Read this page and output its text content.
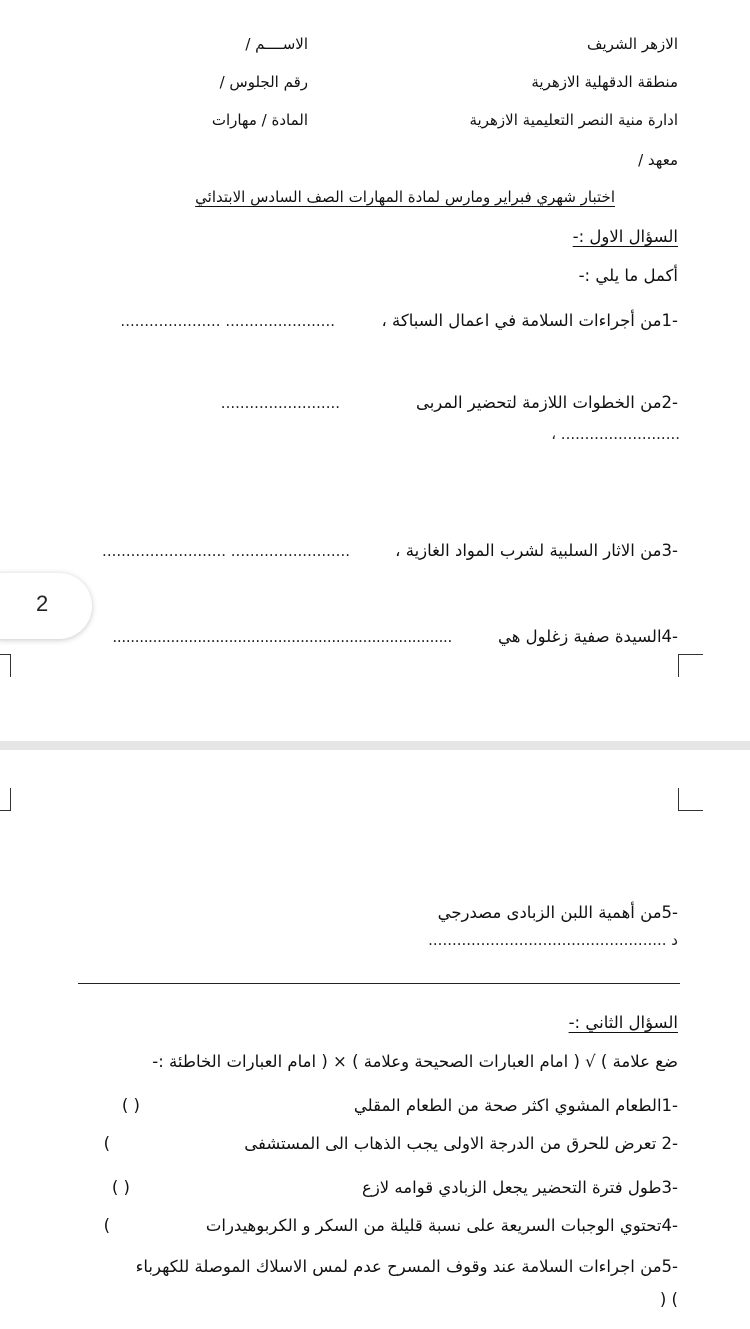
الازهر الشريف
الاســــم /
منطقة الدقهلية الازهرية
رقم الجلوس /
ادارة منية النصر التعليمية الازهرية
المادة / مهارات
معهد /
اختبار شهري فبراير ومارس لمادة المهارات الصف السادس الابتدائي
السؤال الاول :-
أكمل ما يلي :-
-1من أجراءات السلامة في اعمال السباكة ،
..................... .......................
-2من الخطوات اللازمة لتحضير المربى
.........................
، .........................
-3من الاثار السلبية لشرب المواد الغازية ،
.......................... .........................
-4السيدة صفية زغلول هي
............................................................................
2
-5من أهمية اللبن الزبادى مصدرجي
د ..................................................
السؤال الثاني :-
ضع علامة ) √ ( امام العبارات الصحيحة وعلامة ) × ( امام العبارات الخاطئة :-
-1الطعام المشوي اكثر صحة من الطعام المقلي
( )
-2 تعرض للحرق من الدرجة الاولى يجب الذهاب الى المستشفى
(
-3طول فترة التحضير يجعل الزبادي قوامه لازع
( )
-4تحتوي الوجبات السريعة على نسبة قليلة من السكر و الكربوهيدرات
(
-5من اجراءات السلامة عند وقوف المسرح عدم لمس الاسلاك الموصلة للكهرباء
) (
